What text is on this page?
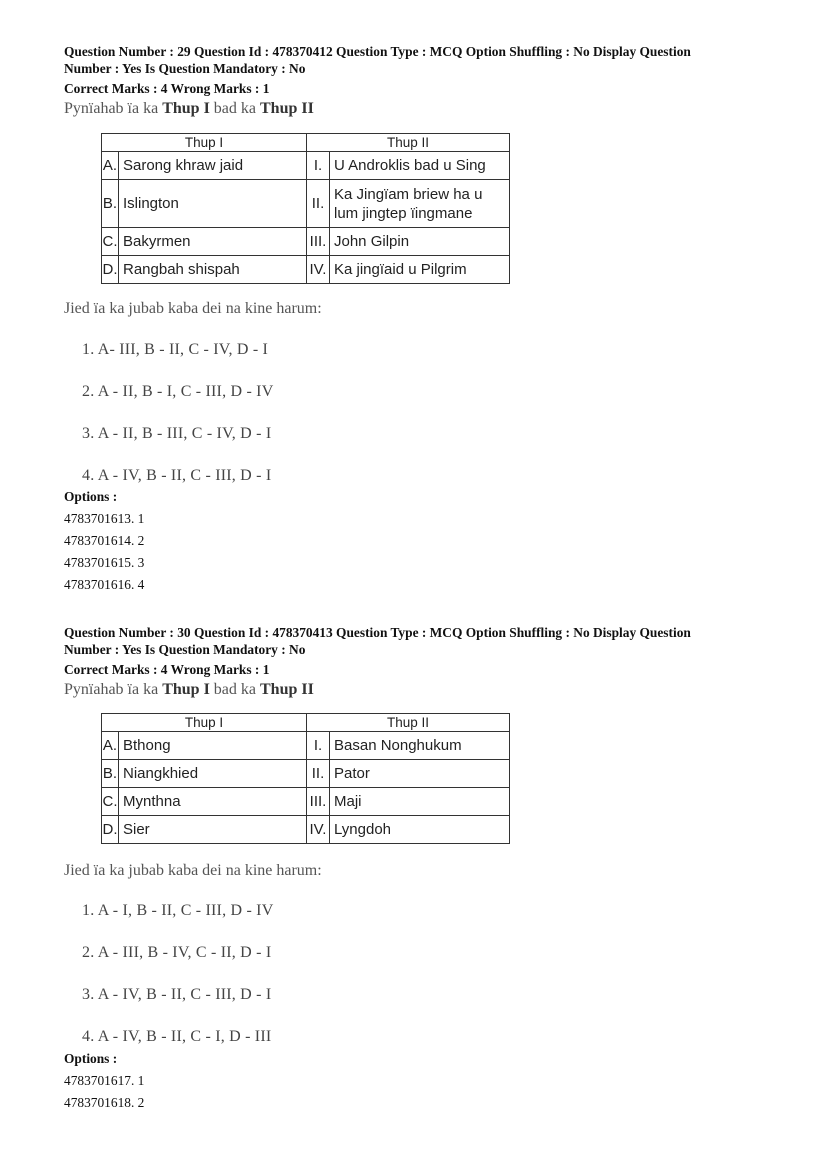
Question Number : 29 Question Id : 478370412 Question Type : MCQ Option Shuffling : No Display Question
Number : Yes Is Question Mandatory : No
Correct Marks : 4 Wrong Marks : 1
Pynïahab ïa ka Thup I bad ka Thup II
Thup I		Thup II	
A.	Sarong khraw jaid	I.	U Androklis bad u Sing
B.	Islington	II.	Ka Jingïam briew ha u lum jingtep ïingmane
C.	Bakyrmen	III.	John Gilpin
D.	Rangbah shispah	IV.	Ka jingïaid u Pilgrim
Jied ïa ka jubab kaba dei na kine harum:
1. A- III, B - II, C - IV, D - I
2. A - II, B - I, C - III, D - IV
3. A - II, B - III, C - IV, D - I
4. A - IV, B - II, C - III, D - I
Options :
4783701613. 1
4783701614. 2
4783701615. 3
4783701616. 4
Question Number : 30 Question Id : 478370413 Question Type : MCQ Option Shuffling : No Display Question
Number : Yes Is Question Mandatory : No
Correct Marks : 4 Wrong Marks : 1
Pynïahab ïa ka Thup I bad ka Thup II
Thup I		Thup II	
A.	Bthong	I.	Basan Nonghukum
B.	Niangkhied	II.	Pator
C.	Mynthna	III.	Maji
D.	Sier	IV.	Lyngdoh
Jied ïa ka jubab kaba dei na kine harum:
1. A - I, B - II, C - III, D - IV
2. A - III, B - IV, C - II, D - I
3. A - IV, B - II, C - III, D - I
4. A - IV, B - II, C - I, D - III
Options :
4783701617. 1
4783701618. 2
